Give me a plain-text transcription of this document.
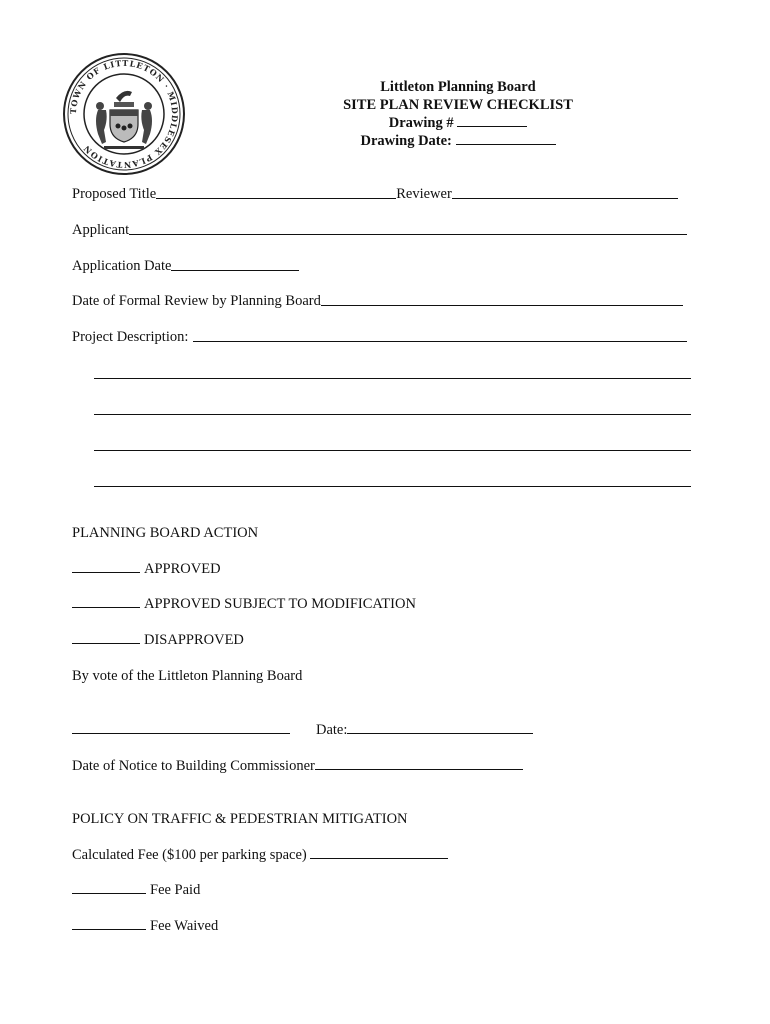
TOWN OF LITTLETON · MIDDLESEX PLANTATION
Littleton Planning Board
SITE PLAN REVIEW CHECKLIST
Drawing #
Drawing Date:
Proposed Title	Reviewer
Applicant
Application Date
Date of Formal Review by Planning Board
Project Description:
PLANNING BOARD ACTION
APPROVED
APPROVED SUBJECT TO MODIFICATION
DISAPPROVED
By vote of the Littleton Planning Board
Date:
Date of Notice to Building Commissioner
POLICY ON TRAFFIC & PEDESTRIAN MITIGATION
Calculated Fee ($100 per parking space)
Fee Paid
Fee Waived
